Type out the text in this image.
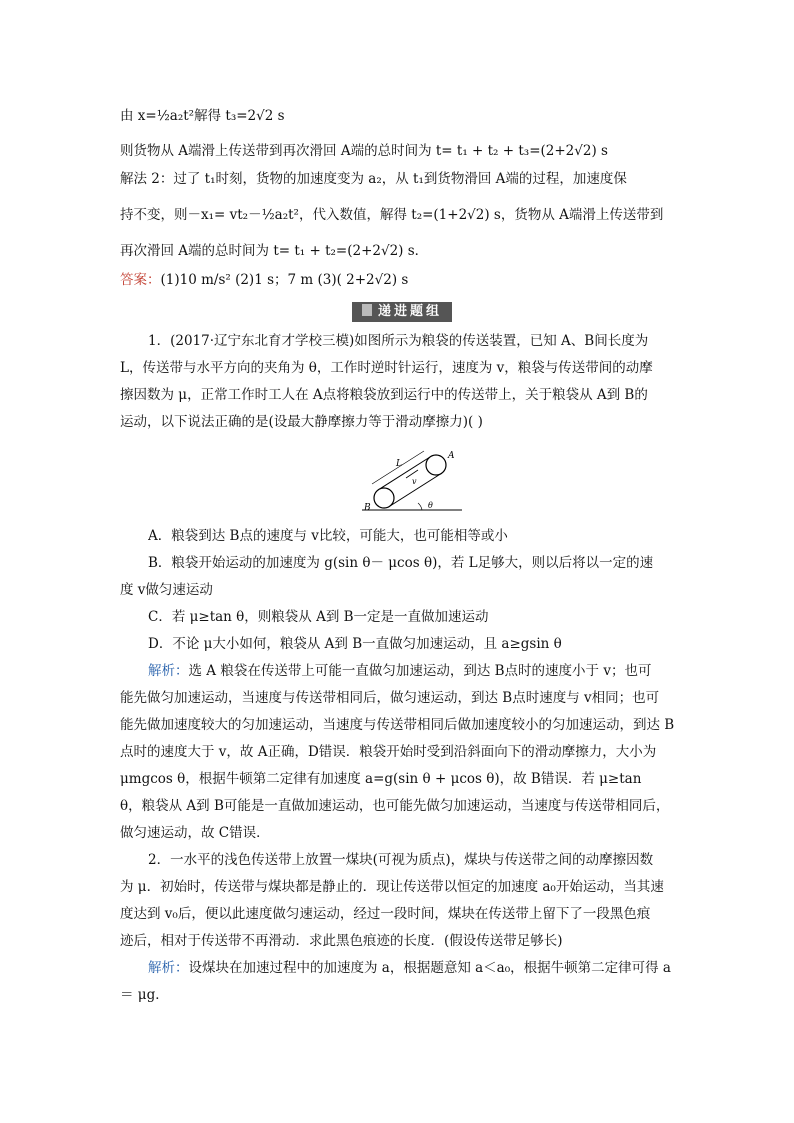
由 x=½a₂t²解得 t₃=2√2 s
则货物从 A端滑上传送带到再次滑回 A端的总时间为 t= t₁ + t₂ + t₃=(2+2√2) s
解法 2：过了 t₁时刻，货物的加速度变为 a₂，从 t₁到货物滑回 A端的过程，加速度保
持不变，则－x₁= vt₂－½a₂t²，代入数值，解得 t₂=(1+2√2) s，货物从 A端滑上传送带到
再次滑回 A端的总时间为 t= t₁ + t₂=(2+2√2) s．
答案：(1)10 m/s² (2)1 s；7 m (3)( 2+2√2) s
递进题组
1．(2017·辽宁东北育才学校三模)如图所示为粮袋的传送装置，已知 A、B间长度为
L，传送带与水平方向的夹角为 θ，工作时逆时针运行，速度为 v，粮袋与传送带间的动摩
擦因数为 μ，正常工作时工人在 A点将粮袋放到运行中的传送带上，关于粮袋从 A到 B的
运动，以下说法正确的是(设最大静摩擦力等于滑动摩擦力)( )
A
B
L
v
θ
A．粮袋到达 B点的速度与 v比较，可能大，也可能相等或小
B．粮袋开始运动的加速度为 g(sin θ－ μcos θ)，若 L足够大，则以后将以一定的速
度 v做匀速运动
C．若 μ≥tan θ，则粮袋从 A到 B一定是一直做加速运动
D．不论 μ大小如何，粮袋从 A到 B一直做匀加速运动，且 a≥gsin θ
解析：选 A 粮袋在传送带上可能一直做匀加速运动，到达 B点时的速度小于 v；也可
能先做匀加速运动，当速度与传送带相同后，做匀速运动，到达 B点时速度与 v相同；也可
能先做加速度较大的匀加速运动，当速度与传送带相同后做加速度较小的匀加速运动，到达 B
点时的速度大于 v，故 A正确，D错误．粮袋开始时受到沿斜面向下的滑动摩擦力，大小为
μmgcos θ，根据牛顿第二定律有加速度 a=g(sin θ + μcos θ)，故 B错误．若 μ≥tan
θ，粮袋从 A到 B可能是一直做加速运动，也可能先做匀加速运动，当速度与传送带相同后，
做匀速运动，故 C错误．
2．一水平的浅色传送带上放置一煤块(可视为质点)，煤块与传送带之间的动摩擦因数
为 μ．初始时，传送带与煤块都是静止的．现让传送带以恒定的加速度 a₀开始运动，当其速
度达到 v₀后，便以此速度做匀速运动，经过一段时间，煤块在传送带上留下了一段黑色痕
迹后，相对于传送带不再滑动．求此黑色痕迹的长度．(假设传送带足够长)
解析：设煤块在加速过程中的加速度为 a，根据题意知 a＜a₀，根据牛顿第二定律可得 a
＝ μg．
